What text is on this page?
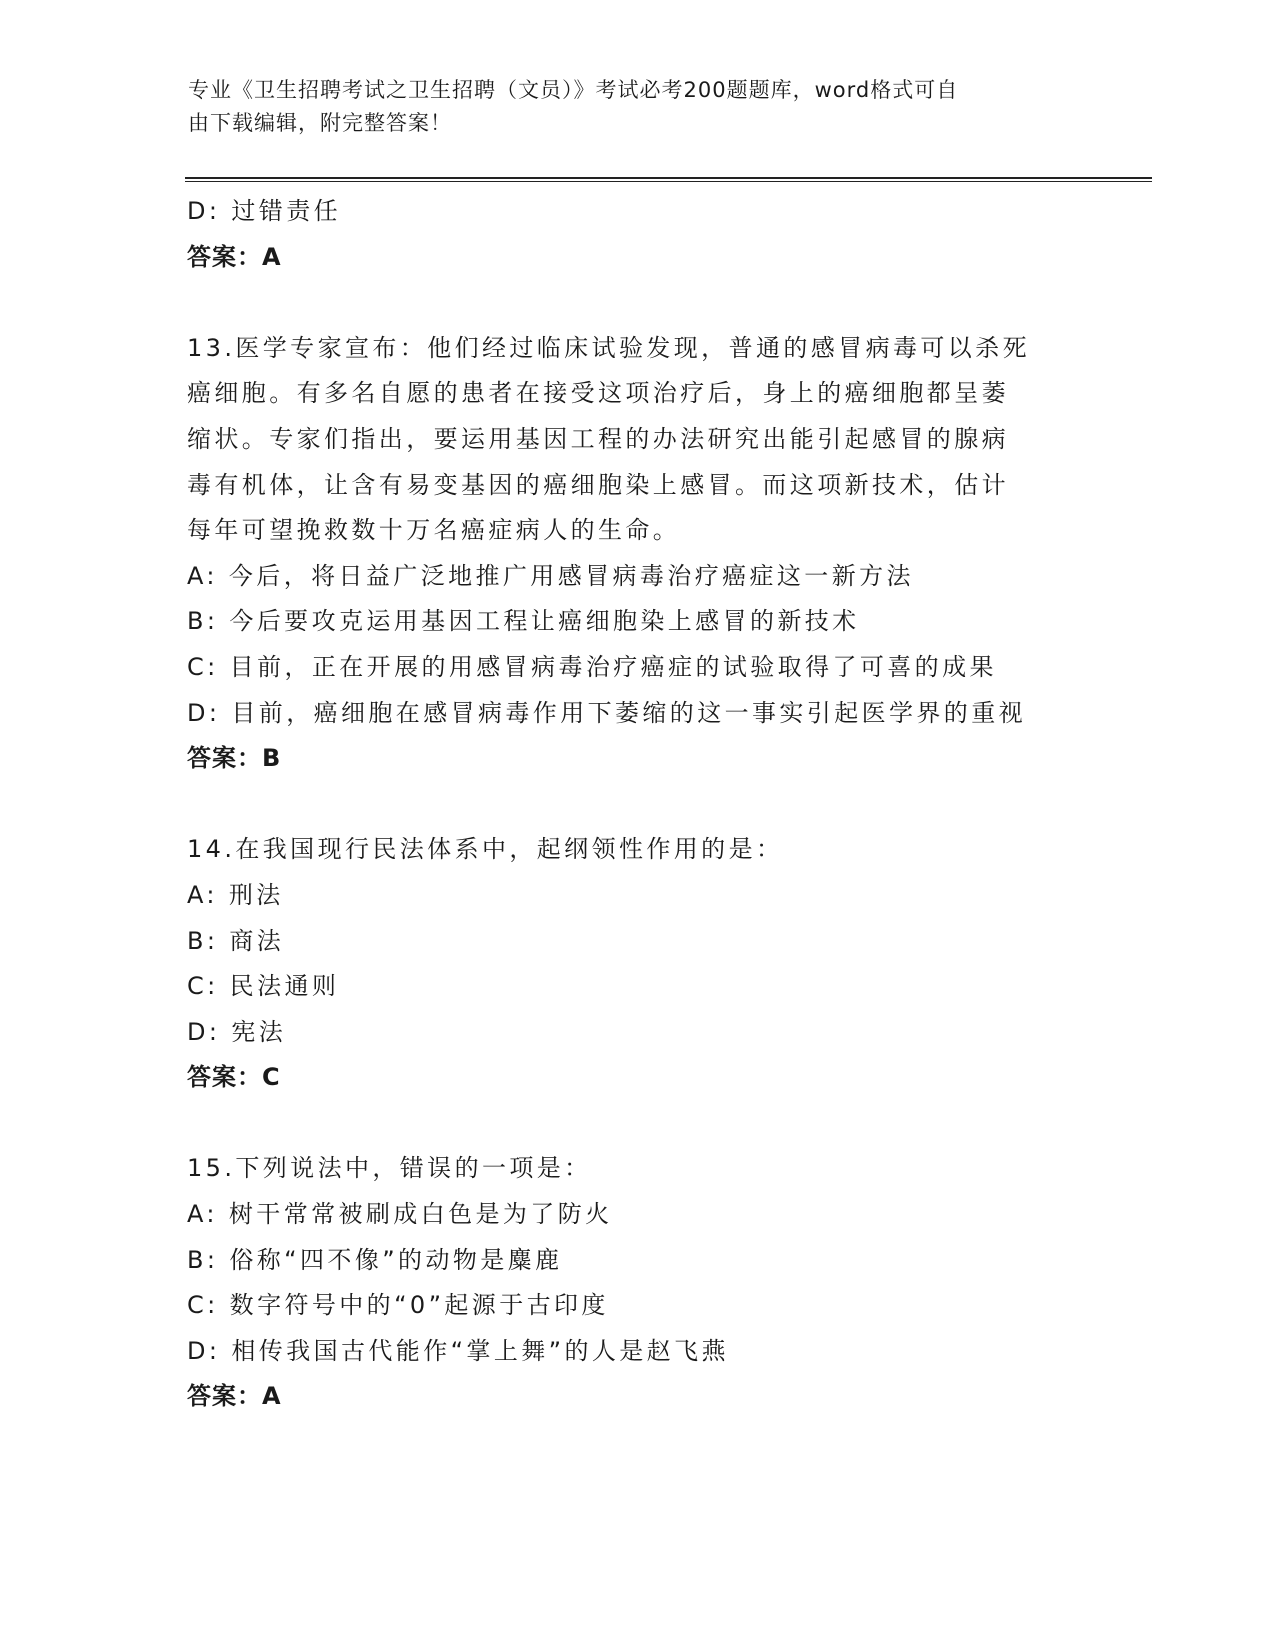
专业《卫生招聘考试之卫生招聘（文员）》考试必考200题题库，word格式可自
由下载编辑，附完整答案！
D: 过错责任
答案：A
13.医学专家宣布：他们经过临床试验发现，普通的感冒病毒可以杀死
癌细胞。有多名自愿的患者在接受这项治疗后，身上的癌细胞都呈萎
缩状。专家们指出，要运用基因工程的办法研究出能引起感冒的腺病
毒有机体，让含有易变基因的癌细胞染上感冒。而这项新技术，估计
每年可望挽救数十万名癌症病人的生命。
A: 今后，将日益广泛地推广用感冒病毒治疗癌症这一新方法
B: 今后要攻克运用基因工程让癌细胞染上感冒的新技术
C: 目前，正在开展的用感冒病毒治疗癌症的试验取得了可喜的成果
D: 目前，癌细胞在感冒病毒作用下萎缩的这一事实引起医学界的重视
答案：B
14.在我国现行民法体系中，起纲领性作用的是：
A: 刑法
B: 商法
C: 民法通则
D: 宪法
答案：C
15.下列说法中，错误的一项是：
A: 树干常常被刷成白色是为了防火
B: 俗称“四不像”的动物是麋鹿
C: 数字符号中的“0”起源于古印度
D: 相传我国古代能作“掌上舞”的人是赵飞燕
答案：A
